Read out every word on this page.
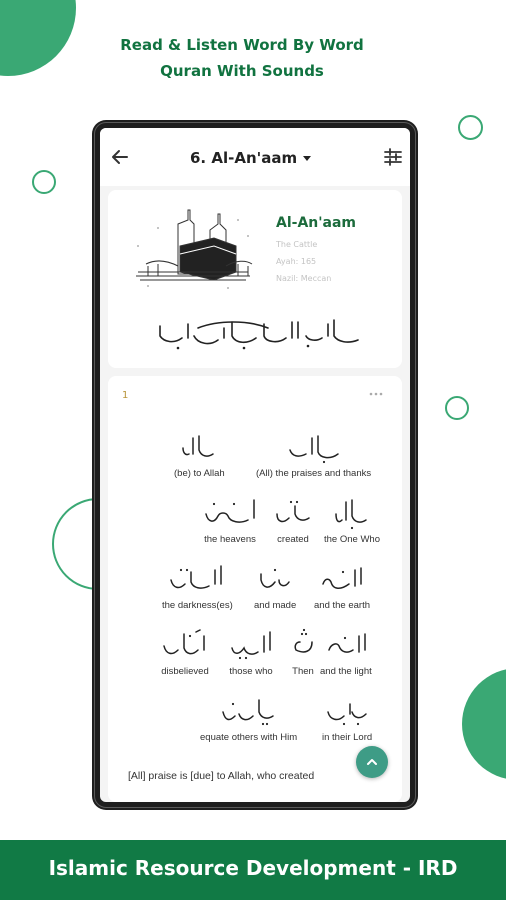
Read & Listen Word By Word
Quran With Sounds
6. Al-An'aam
Al-An'aam
The Cattle
Ayah: 165
Nazil: Meccan
1
(All) the praises and thanks
(be) to Allah
the One Who
created
the heavens
and the earth
and made
the darkness(es)
and the light
Then
those who
disbelieved
in their Lord
equate others with Him
[All] praise is [due] to Allah, who created
Islamic Resource Development - IRD
